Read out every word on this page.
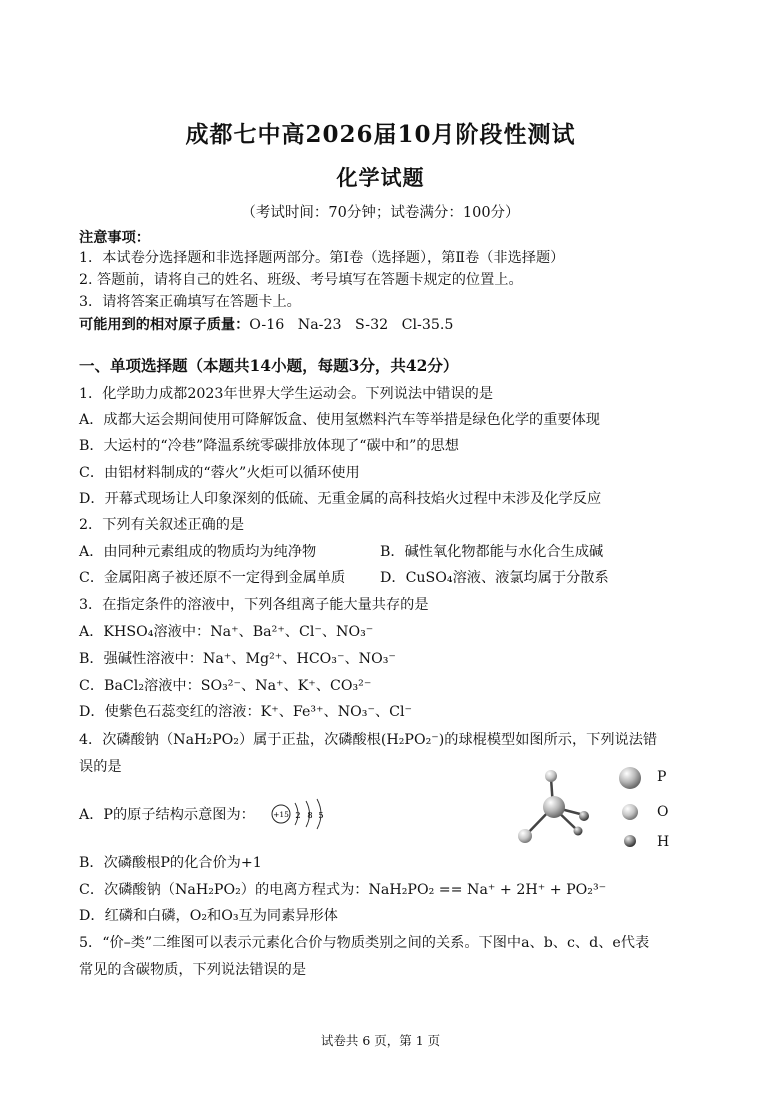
成都七中高2026届10月阶段性测试
化学试题
（考试时间：70分钟；试卷满分：100分）
注意事项：
1．本试卷分选择题和非选择题两部分。第Ⅰ卷（选择题），第Ⅱ卷（非选择题）
2. 答题前，请将自己的姓名、班级、考号填写在答题卡规定的位置上。
3．请将答案正确填写在答题卡上。
可能用到的相对原子质量：O-16   Na-23   S-32   Cl-35.5
一、单项选择题（本题共14小题，每题3分，共42分）
1．化学助力成都2023年世界大学生运动会。下列说法中错误的是
A．成都大运会期间使用可降解饭盒、使用氢燃料汽车等举措是绿色化学的重要体现
B．大运村的“冷巷”降温系统零碳排放体现了“碳中和”的思想
C．由铝材料制成的“蓉火”火炬可以循环使用
D．开幕式现场让人印象深刻的低硫、无重金属的高科技焰火过程中未涉及化学反应
2．下列有关叙述正确的是
A．由同种元素组成的物质均为纯净物	B．碱性氧化物都能与水化合生成碱
C．金属阳离子被还原不一定得到金属单质 D．CuSO₄溶液、液氯均属于分散系
3．在指定条件的溶液中，下列各组离子能大量共存的是
A．KHSO₄溶液中：Na⁺、Ba²⁺、Cl⁻、NO₃⁻
B．强碱性溶液中：Na⁺、Mg²⁺、HCO₃⁻、NO₃⁻
C．BaCl₂溶液中：SO₃²⁻、Na⁺、K⁺、CO₃²⁻
D．使紫色石蕊变红的溶液：K⁺、Fe³⁺、NO₃⁻、Cl⁻
4．次磷酸钠（NaH₂PO₂）属于正盐，次磷酸根(H₂PO₂⁻)的球棍模型如图所示，下列说法错
误的是
A．P的原子结构示意图为： +15 2 8 5
P
O
H
B．次磷酸根P的化合价为+1
C．次磷酸钠（NaH₂PO₂）的电离方程式为：NaH₂PO₂ == Na⁺ + 2H⁺ + PO₂³⁻
D．红磷和白磷，O₂和O₃互为同素异形体
5．“价–类”二维图可以表示元素化合价与物质类别之间的关系。下图中a、b、c、d、e代表
常见的含碳物质，下列说法错误的是
试卷共 6 页，第 1 页
